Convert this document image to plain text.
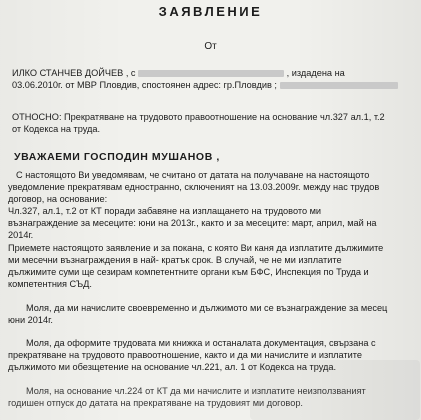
ЗАЯВЛЕНИЕ
От
ИЛКО СТАНЧЕВ ДОЙЧЕВ , с	, издадена на
03.06.2010г. от МВР Пловдив, спостоянен адрес: гр.Пловдив ;
ОТНОСНО: Прекратяване на трудовото правоотношение на основание чл.327 ал.1, т.2
от Кодекса на труда.
УВАЖАЕМИ ГОСПОДИН МУШАНОВ ,
С настоящото Ви уведомявам, че считано от датата на получаване на настоящото
уведомление прекратявам едностранно, сключеният на 13.03.2009г. между нас трудов
договор, на основание:
Чл.327, ал.1, т.2 от КТ поради забавяне на изплащането на трудовото ми
възнаграждение за месеците: юни на 2013г., както и за месеците: март, април, май на
2014г.
Приемете настоящото заявление и за покана, с която Ви каня да изплатите дължимите
ми месечни възнаграждения в най- кратък срок. В случай, че не ми изплатите
дължимите суми ще сезирам компетентните органи към БФС, Инспекция по Труда и
компетентния СЪД.
Моля, да ми начислите своевременно и дължимото ми се възнаграждение за месец
юни 2014г.
Моля, да оформите трудовата ми книжка и останалата документация, свързана с
прекратяване на трудовото правоотношение, както и да ми начислите и изплатите
дължимото ми обезщетение на основание чл.221, ал. 1 от Кодекса на труда.
Моля, на основание чл.224 от КТ да ми начислите и изплатите неизползваният
годишен отпуск до датата на прекратяване на трудовият ми договор.
